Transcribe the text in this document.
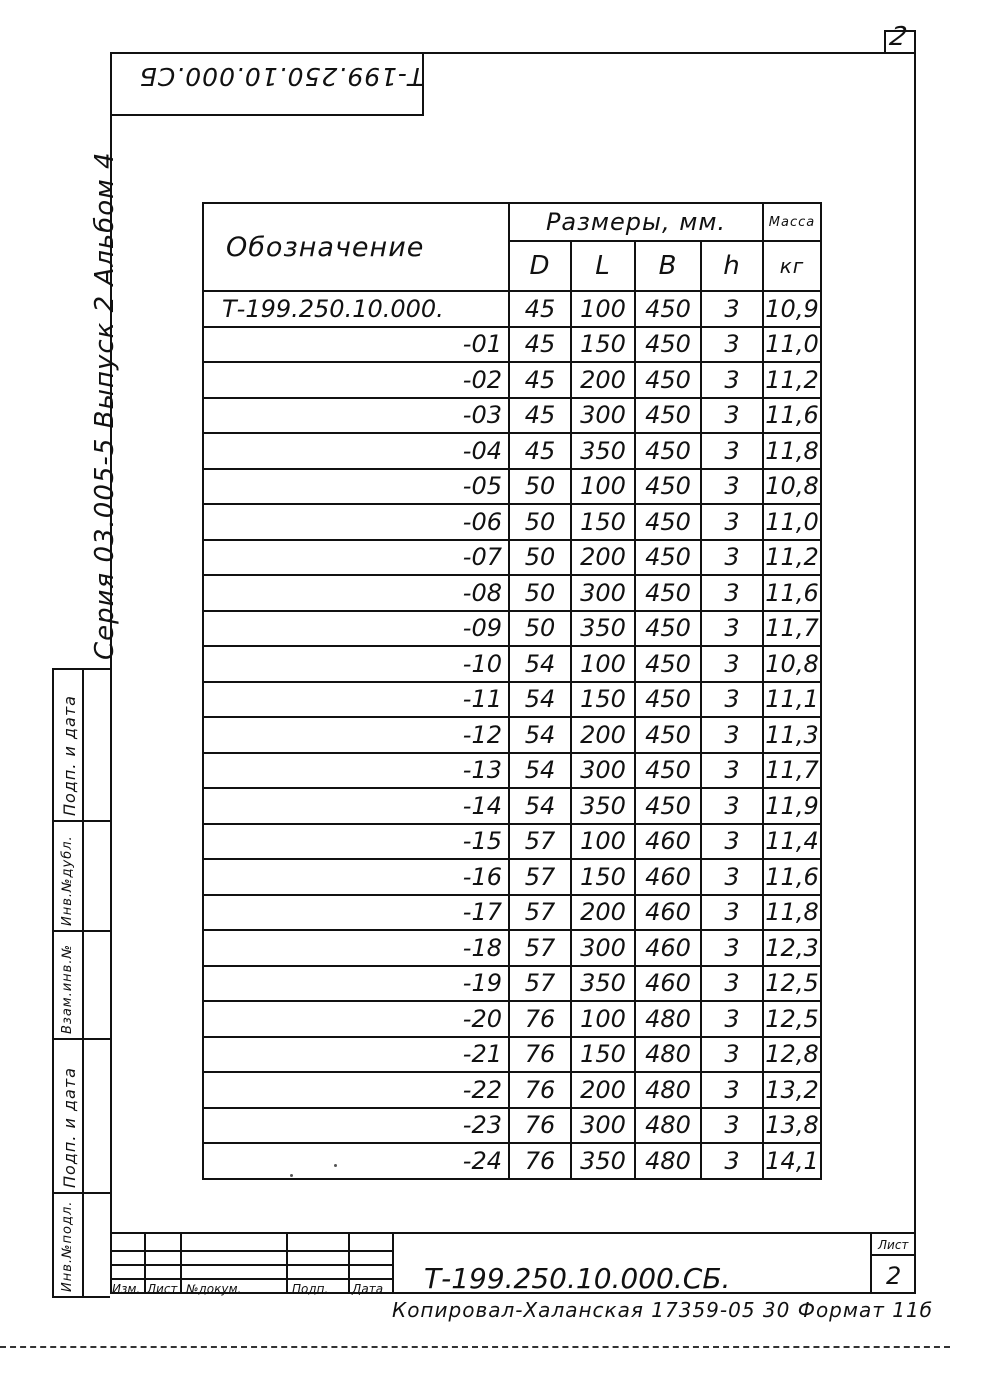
2
Т-199.250.10.000.СБ
Серия 03.005-5 Выпуск 2 Альбом 4
Подп. и дата
Инв.№дубл.
Взам.инв.№
Подп. и дата
Инв.№подл.
Обозначение	Размеры, мм.				Масса
	D	L	B	h	кг
Т-199.250.10.000.	45	100	450	3	10,9
-01	45	150	450	3	11,0
-02	45	200	450	3	11,2
-03	45	300	450	3	11,6
-04	45	350	450	3	11,8
-05	50	100	450	3	10,8
-06	50	150	450	3	11,0
-07	50	200	450	3	11,2
-08	50	300	450	3	11,6
-09	50	350	450	3	11,7
-10	54	100	450	3	10,8
-11	54	150	450	3	11,1
-12	54	200	450	3	11,3
-13	54	300	450	3	11,7
-14	54	350	450	3	11,9
-15	57	100	460	3	11,4
-16	57	150	460	3	11,6
-17	57	200	460	3	11,8
-18	57	300	460	3	12,3
-19	57	350	460	3	12,5
-20	76	100	480	3	12,5
-21	76	150	480	3	12,8
-22	76	200	480	3	13,2
-23	76	300	480	3	13,8
-24	76	350	480	3	14,1
Изм. Лист №докум.	Подп. Дата Т-199.250.10.000.СБ.
Лист
2
Копировал-Халанская 17359-05 30 Формат 11б
